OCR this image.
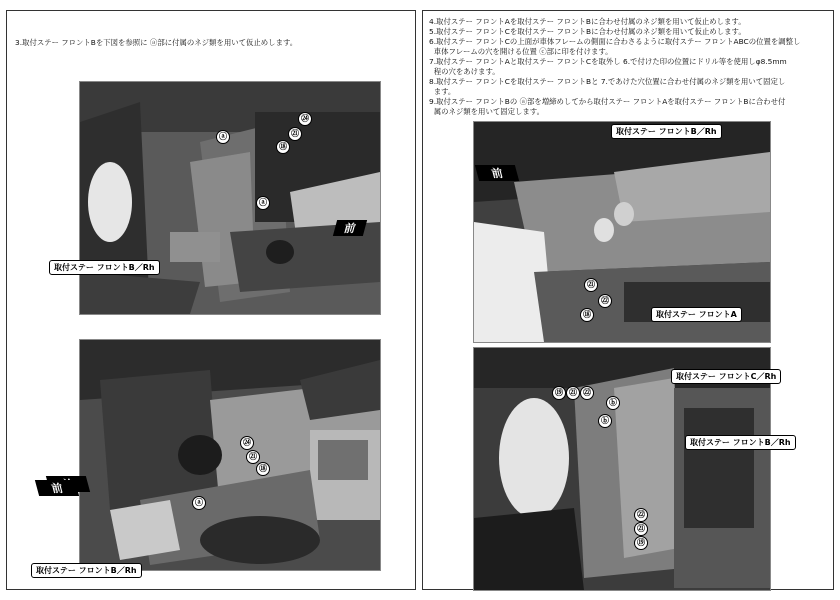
3.取付ステー フロントBを下図を参照に ⓐ部に付属のネジ類を用いて仮止めします。
前
ⓐ
ⓐ
㉔
㉑
⑱
取付ステー フロントB／Rh
ⓐ
㉔
㉑
⑱
前
取付ステー フロントB／Rh
4.取付ステー フロントAを取付ステー フロントBに合わせ付属のネジ類を用いて仮止めします。
5.取付ステー フロントCを取付ステー フロントBに合わせ付属のネジ類を用いて仮止めします。
6.取付ステー フロントCの上面が車体フレームの側面に合わさるように取付ステー フロントABCの位置を調整し
車体フレームの穴を開ける位置 ⓒ部に印を付けます。
7.取付ステー フロントAと取付ステー フロントCを取外し 6.で付けた印の位置にドリル等を使用しφ8.5mm
程の穴をあけます。
8.取付ステー フロントCを取付ステー フロントBと 7.であけた穴位置に合わせ付属のネジ類を用いて固定し
ます。
9.取付ステー フロントBの ⓐ部を増締めしてから取付ステー フロントAを取付ステー フロントBに合わせ付
属のネジ類を用いて固定します。
㉑
㉒
⑱
前
取付ステー フロントB／Rh
取付ステー フロントA
⑲ ㉑ ㉒
ⓑ
ⓑ
㉒
㉑
⑲
取付ステー フロントC／Rh
取付ステー フロントB／Rh
